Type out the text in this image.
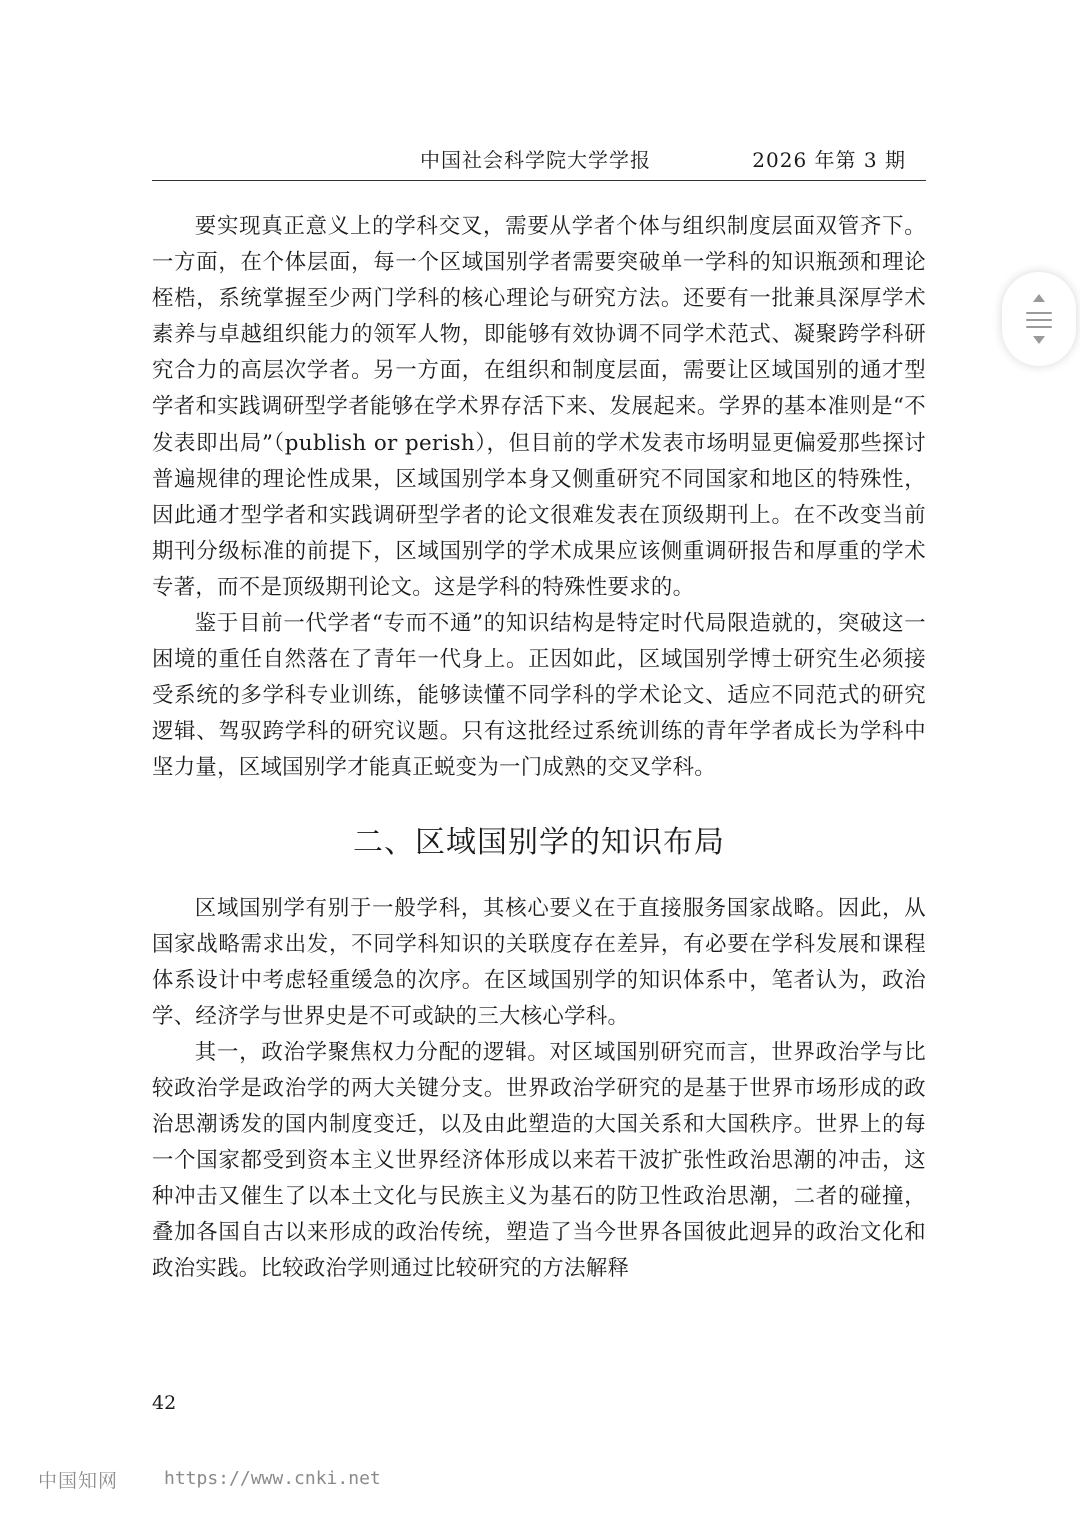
中国社会科学院大学学报	2026 年第 3 期

要实现真正意义上的学科交叉，需要从学者个体与组织制度层面双管齐下。一方面，在个体层面，每一个区域国别学者需要突破单一学科的知识瓶颈和理论桎梏，系统掌握至少两门学科的核心理论与研究方法。还要有一批兼具深厚学术素养与卓越组织能力的领军人物，即能够有效协调不同学术范式、凝聚跨学科研究合力的高层次学者。另一方面，在组织和制度层面，需要让区域国别的通才型学者和实践调研型学者能够在学术界存活下来、发展起来。学界的基本准则是“不发表即出局”（publish or perish），但目前的学术发表市场明显更偏爱那些探讨普遍规律的理论性成果，区域国别学本身又侧重研究不同国家和地区的特殊性，因此通才型学者和实践调研型学者的论文很难发表在顶级期刊上。在不改变当前期刊分级标准的前提下，区域国别学的学术成果应该侧重调研报告和厚重的学术专著，而不是顶级期刊论文。这是学科的特殊性要求的。

鉴于目前一代学者“专而不通”的知识结构是特定时代局限造就的，突破这一困境的重任自然落在了青年一代身上。正因如此，区域国别学博士研究生必须接受系统的多学科专业训练，能够读懂不同学科的学术论文、适应不同范式的研究逻辑、驾驭跨学科的研究议题。只有这批经过系统训练的青年学者成长为学科中坚力量，区域国别学才能真正蜕变为一门成熟的交叉学科。

二、区域国别学的知识布局

区域国别学有别于一般学科，其核心要义在于直接服务国家战略。因此，从国家战略需求出发，不同学科知识的关联度存在差异，有必要在学科发展和课程体系设计中考虑轻重缓急的次序。在区域国别学的知识体系中，笔者认为，政治学、经济学与世界史是不可或缺的三大核心学科。

其一，政治学聚焦权力分配的逻辑。对区域国别研究而言，世界政治学与比较政治学是政治学的两大关键分支。世界政治学研究的是基于世界市场形成的政治思潮诱发的国内制度变迁，以及由此塑造的大国关系和大国秩序。世界上的每一个国家都受到资本主义世界经济体形成以来若干波扩张性政治思潮的冲击，这种冲击又催生了以本土文化与民族主义为基石的防卫性政治思潮，二者的碰撞，叠加各国自古以来形成的政治传统，塑造了当今世界各国彼此迥异的政治文化和政治实践。比较政治学则通过比较研究的方法解释

42
中国知网	https://www.cnki.net
